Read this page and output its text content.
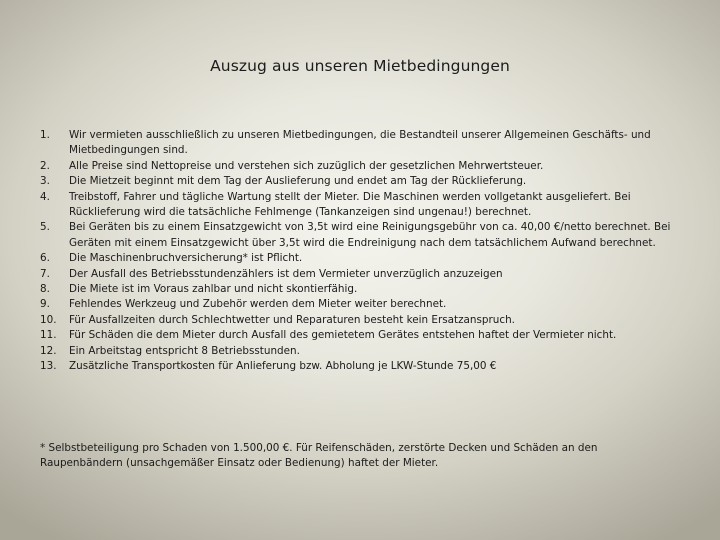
Auszug aus unseren Mietbedingungen
1.	Wir vermieten ausschließlich zu unseren Mietbedingungen, die Bestandteil unserer Allgemeinen Geschäfts- und Mietbedingungen sind.
2.	Alle Preise sind Nettopreise und verstehen sich zuzüglich der gesetzlichen Mehrwertsteuer.
3.	Die Mietzeit beginnt mit dem Tag der Auslieferung und endet am Tag der Rücklieferung.
4.	Treibstoff, Fahrer und tägliche Wartung stellt der Mieter. Die Maschinen werden vollgetankt ausgeliefert. Bei Rücklieferung wird die tatsächliche Fehlmenge (Tankanzeigen sind ungenau!) berechnet.
5.	Bei Geräten bis zu einem Einsatzgewicht von 3,5t wird eine Reinigungsgebühr von ca. 40,00 €/netto berechnet. Bei Geräten mit einem Einsatzgewicht über 3,5t wird die Endreinigung nach dem tatsächlichem Aufwand berechnet.
6.	Die Maschinenbruchversicherung* ist Pflicht.
7.	Der Ausfall des Betriebsstundenzählers ist dem Vermieter unverzüglich anzuzeigen
8.	Die Miete ist im Voraus zahlbar und nicht skontierfähig.
9.	Fehlendes Werkzeug und Zubehör werden dem Mieter weiter berechnet.
10.	Für Ausfallzeiten durch Schlechtwetter und Reparaturen besteht kein Ersatzanspruch.
11.	Für Schäden die dem Mieter durch Ausfall des gemietetem Gerätes entstehen haftet der Vermieter nicht.
12.	Ein Arbeitstag entspricht 8 Betriebsstunden.
13.	Zusätzliche Transportkosten für Anlieferung bzw. Abholung je LKW-Stunde 75,00 €
* Selbstbeteiligung pro Schaden von 1.500,00 €. Für Reifenschäden, zerstörte Decken und Schäden an den Raupenbändern (unsachgemäßer Einsatz oder Bedienung) haftet der Mieter.
